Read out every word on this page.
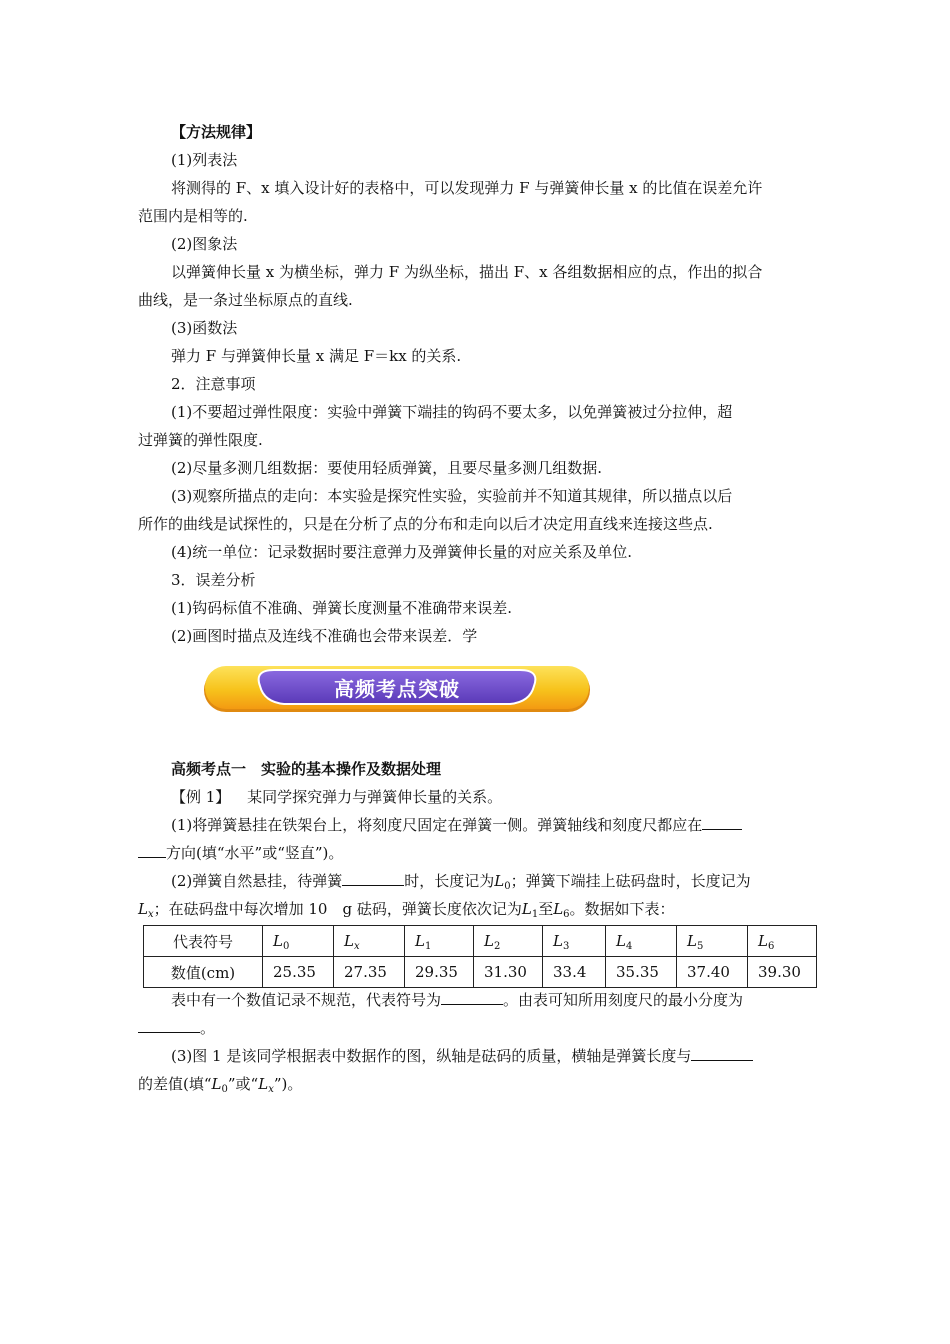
【方法规律】
(1)列表法
将测得的 F、x 填入设计好的表格中，可以发现弹力 F 与弹簧伸长量 x 的比值在误差允许
范围内是相等的.
(2)图象法
以弹簧伸长量 x 为横坐标，弹力 F 为纵坐标，描出 F、x 各组数据相应的点，作出的拟合
曲线，是一条过坐标原点的直线.
(3)函数法
弹力 F 与弹簧伸长量 x 满足 F＝kx 的关系.
2．注意事项
(1)不要超过弹性限度：实验中弹簧下端挂的钩码不要太多，以免弹簧被过分拉伸，超
过弹簧的弹性限度.
(2)尽量多测几组数据：要使用轻质弹簧，且要尽量多测几组数据.
(3)观察所描点的走向：本实验是探究性实验，实验前并不知道其规律，所以描点以后
所作的曲线是试探性的，只是在分析了点的分布和走向以后才决定用直线来连接这些点.
(4)统一单位：记录数据时要注意弹力及弹簧伸长量的对应关系及单位.
3．误差分析
(1)钩码标值不准确、弹簧长度测量不准确带来误差.
(2)画图时描点及连线不准确也会带来误差．学
高频考点突破
高频考点一　实验的基本操作及数据处理
【例 1】 某同学探究弹力与弹簧伸长量的关系。
(1)将弹簧悬挂在铁架台上，将刻度尺固定在弹簧一侧。弹簧轴线和刻度尺都应在
方向(填“水平”或“竖直”)。
(2)弹簧自然悬挂，待弹簧	时，长度记为$L_0$；弹簧下端挂上砝码盘时，长度记为
$L_x$；在砝码盘中每次增加 10　g 砝码，弹簧长度依次记为$L_1$至$L_6$。数据如下表：
代表符号	$L_0$	$L_x$	$L_1$	$L_2$	$L_3$	$L_4$	$L_5$	$L_6$
数值(cm)	25.35	27.35	29.35	31.30	33.4	35.35	37.40	39.30
表中有一个数值记录不规范，代表符号为	。由表可知所用刻度尺的最小分度为
。
(3)图 1 是该同学根据表中数据作的图，纵轴是砝码的质量，横轴是弹簧长度与
的差值(填“$L_0$”或“$L_x$”)。
